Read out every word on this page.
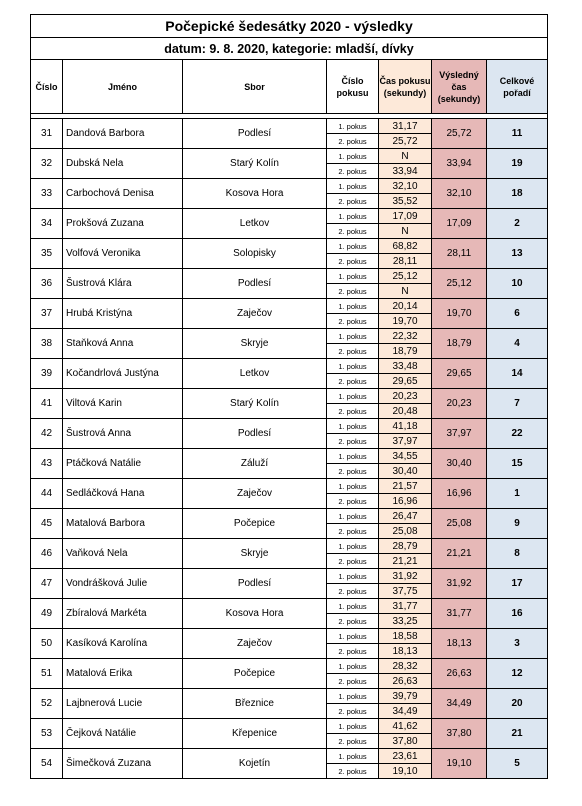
Počepické šedesátky 2020 - výsledky						
datum: 9. 8. 2020, kategorie: mladší, dívky						
Číslo	Jméno	Sbor	Číslo pokusu	Čas pokusu (sekundy)	Výsledný čas (sekundy)	Celkové pořadí

31	Dandová Barbora	Podlesí	1. pokus	31,17	25,72	11
			2. pokus	25,72		
32	Dubská Nela	Starý Kolín	1. pokus	N	33,94	19
			2. pokus	33,94		
33	Carbochová Denisa	Kosova Hora	1. pokus	32,10	32,10	18
			2. pokus	35,52		
34	Prokšová Zuzana	Letkov	1. pokus	17,09	17,09	2
			2. pokus	N		
35	Volfová Veronika	Solopisky	1. pokus	68,82	28,11	13
			2. pokus	28,11		
36	Šustrová Klára	Podlesí	1. pokus	25,12	25,12	10
			2. pokus	N		
37	Hrubá Kristýna	Zaječov	1. pokus	20,14	19,70	6
			2. pokus	19,70		
38	Staňková Anna	Skryje	1. pokus	22,32	18,79	4
			2. pokus	18,79		
39	Kočandrlová Justýna	Letkov	1. pokus	33,48	29,65	14
			2. pokus	29,65		
41	Viltová Karin	Starý Kolín	1. pokus	20,23	20,23	7
			2. pokus	20,48		
42	Šustrová Anna	Podlesí	1. pokus	41,18	37,97	22
			2. pokus	37,97		
43	Ptáčková Natálie	Záluží	1. pokus	34,55	30,40	15
			2. pokus	30,40		
44	Sedláčková Hana	Zaječov	1. pokus	21,57	16,96	1
			2. pokus	16,96		
45	Matalová Barbora	Počepice	1. pokus	26,47	25,08	9
			2. pokus	25,08		
46	Vaňková Nela	Skryje	1. pokus	28,79	21,21	8
			2. pokus	21,21		
47	Vondrášková Julie	Podlesí	1. pokus	31,92	31,92	17
			2. pokus	37,75		
49	Zbíralová Markéta	Kosova Hora	1. pokus	31,77	31,77	16
			2. pokus	33,25		
50	Kasíková Karolína	Zaječov	1. pokus	18,58	18,13	3
			2. pokus	18,13		
51	Matalová Erika	Počepice	1. pokus	28,32	26,63	12
			2. pokus	26,63		
52	Lajbnerová Lucie	Březnice	1. pokus	39,79	34,49	20
			2. pokus	34,49		
53	Čejková Natálie	Křepenice	1. pokus	41,62	37,80	21
			2. pokus	37,80		
54	Šimečková Zuzana	Kojetín	1. pokus	23,61	19,10	5
			2. pokus	19,10		
